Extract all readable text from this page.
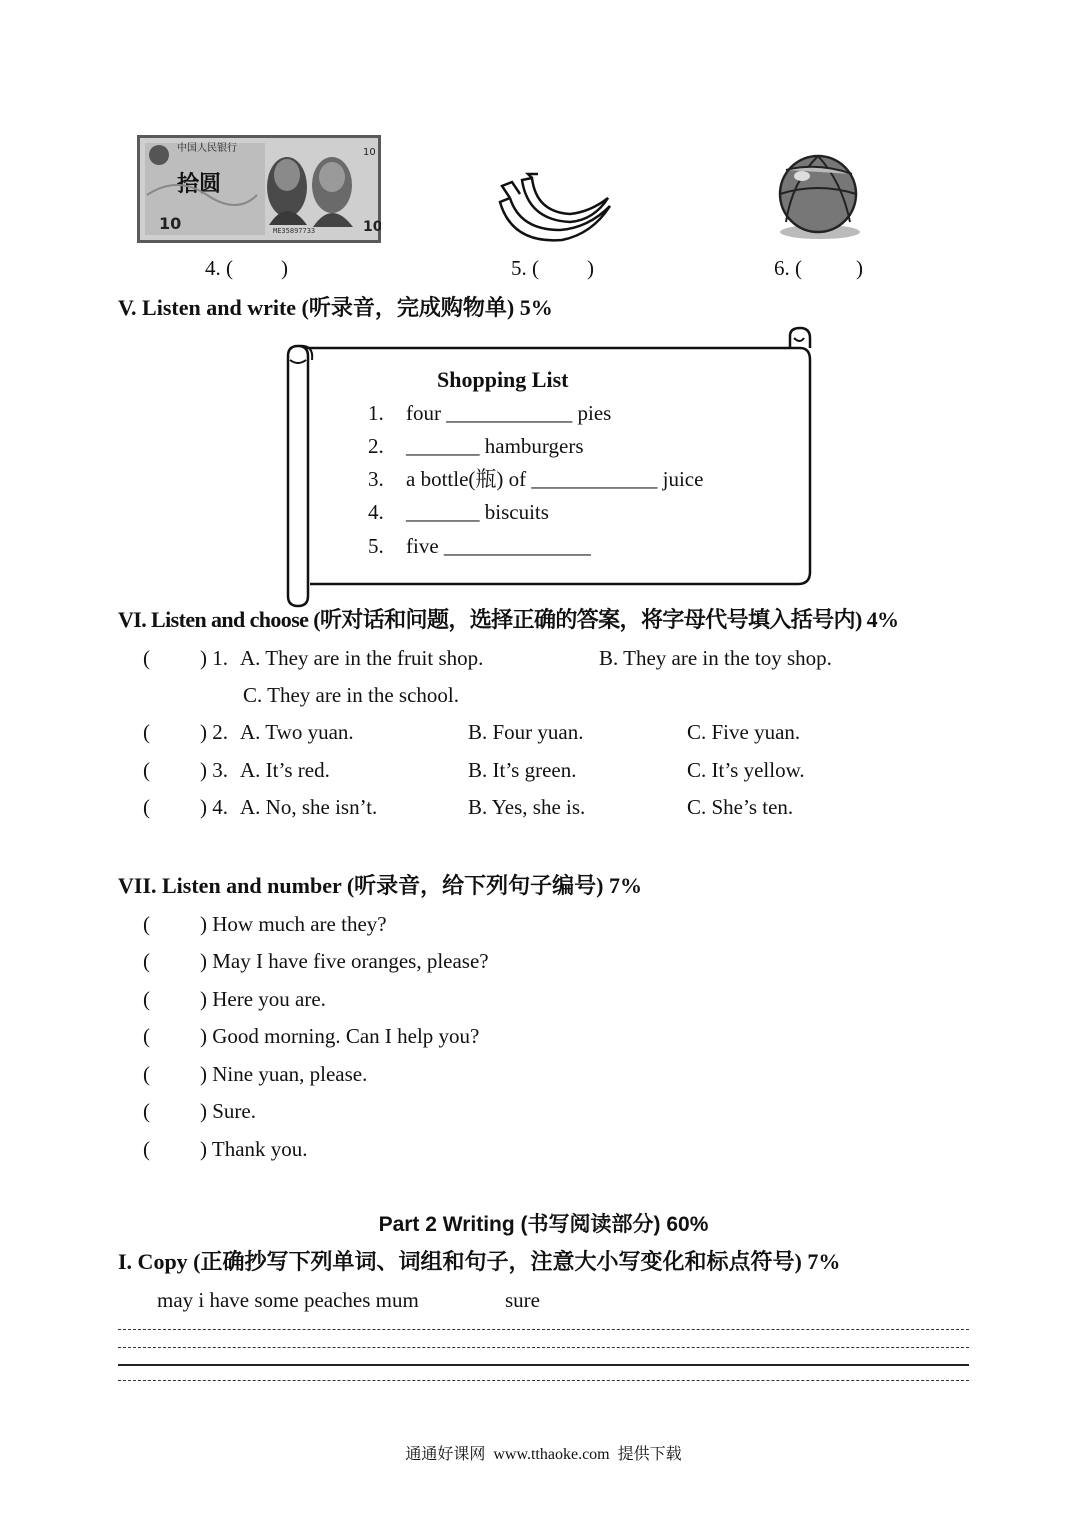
中国人民银行
拾圆
10
10
10
ME35897733
4. ( )	5. ( )	6. (	)
V. Listen and write (听录音，完成购物单) 5%
Shopping List
1. four ____________ pies
2. _______ hamburgers
3. a bottle(瓶) of ____________ juice
4. _______ biscuits
5. five ______________
VI. Listen and choose (听对话和问题，选择正确的答案，将字母代号填入括号内) 4%
( ) 1. A. They are in the fruit shop.	B. They are in the toy shop.
C. They are in the school.
( ) 2. A. Two yuan.	B. Four yuan.	C. Five yuan.
( ) 3. A. It’s red.	B. It’s green.	C. It’s yellow.
( ) 4. A. No, she isn’t.	B. Yes, she is.	C. She’s ten.
VII. Listen and number (听录音，给下列句子编号) 7%
( ) How much are they?
( ) May I have five oranges, please?
( ) Here you are.
( ) Good morning. Can I help you?
( ) Nine yuan, please.
( ) Sure.
( ) Thank you.
Part 2 Writing (书写阅读部分) 60%
I. Copy (正确抄写下列单词、词组和句子，注意大小写变化和标点符号) 7%
may i have some peaches mum	sure
通通好课网  www.tthaoke.com  提供下载
